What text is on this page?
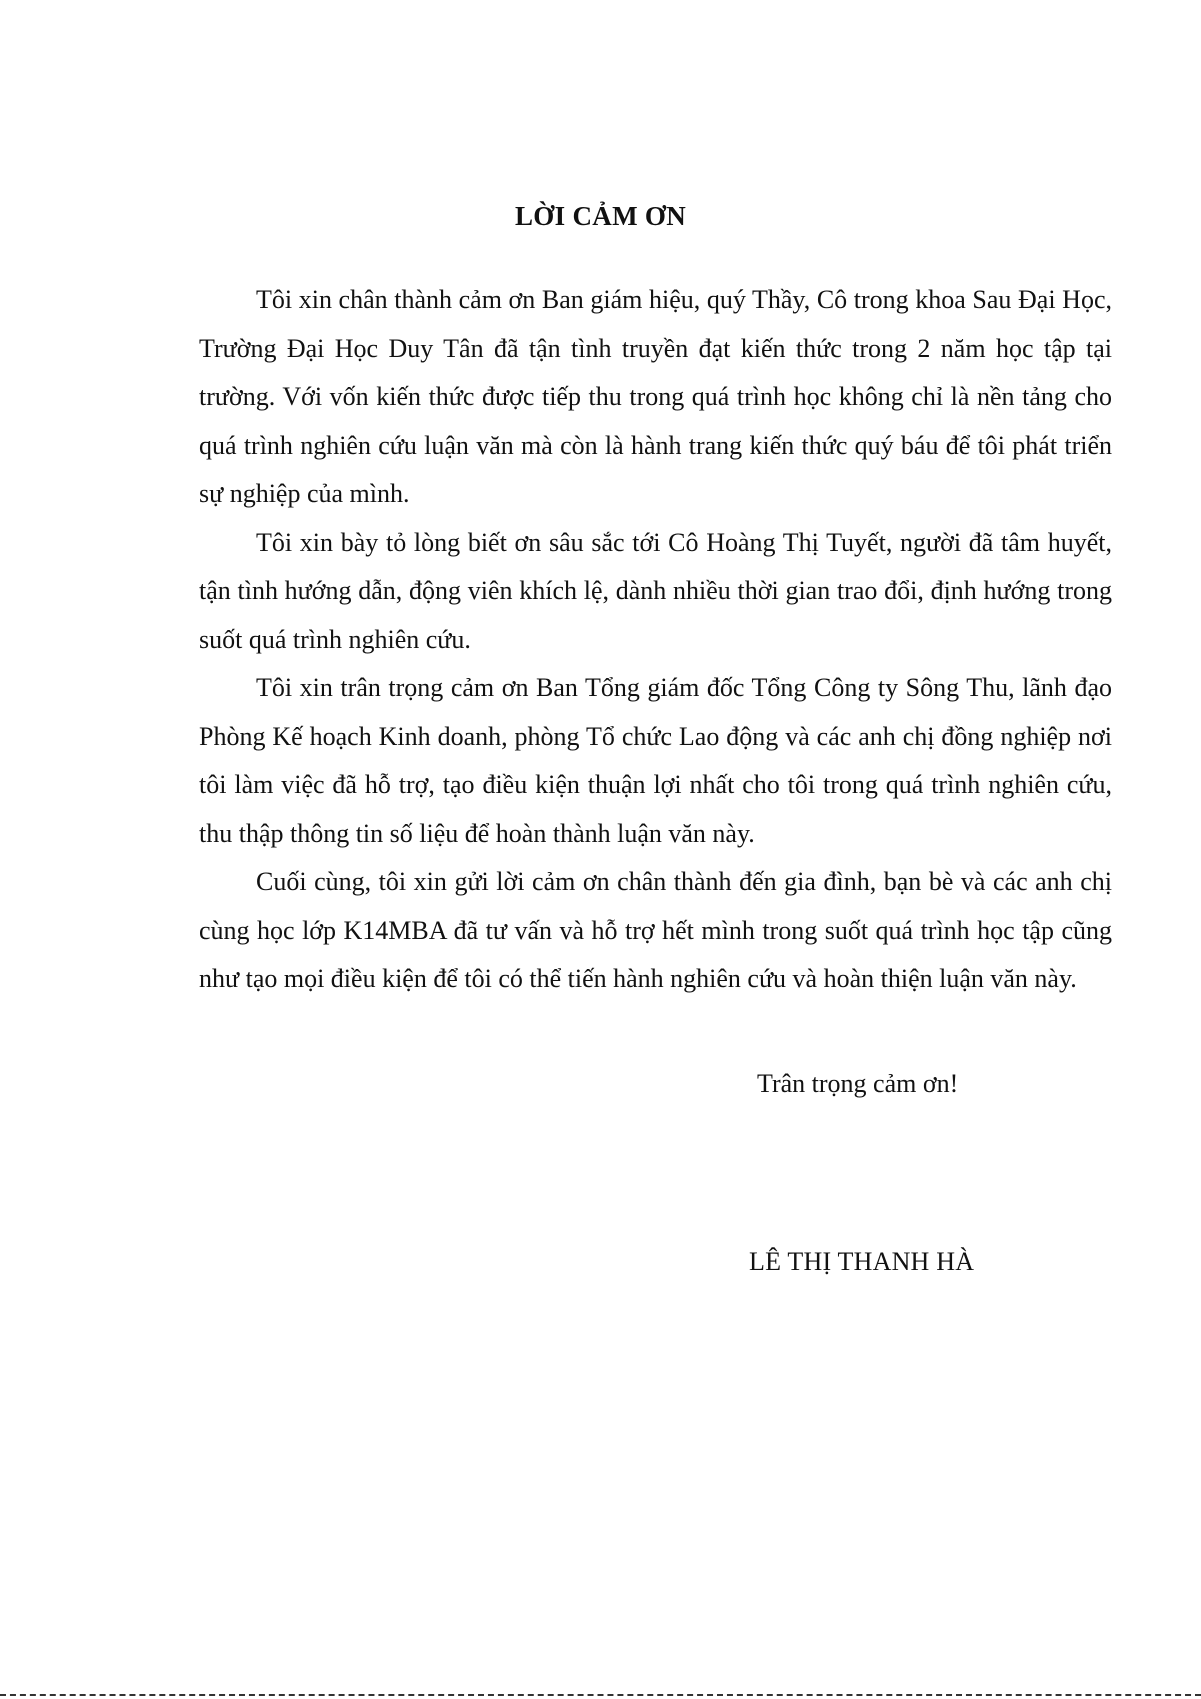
LỜI CẢM ƠN

Tôi xin chân thành cảm ơn Ban giám hiệu, quý Thầy, Cô trong khoa Sau Đại Học, Trường Đại Học Duy Tân đã tận tình truyền đạt kiến thức trong 2 năm học tập tại trường. Với vốn kiến thức được tiếp thu trong quá trình học không chỉ là nền tảng cho quá trình nghiên cứu luận văn mà còn là hành trang kiến thức quý báu để tôi phát triển sự nghiệp của mình.

Tôi xin bày tỏ lòng biết ơn sâu sắc tới Cô Hoàng Thị Tuyết, người đã tâm huyết, tận tình hướng dẫn, động viên khích lệ, dành nhiều thời gian trao đổi, định hướng trong suốt quá trình nghiên cứu.

Tôi xin trân trọng cảm ơn Ban Tổng giám đốc Tổng Công ty Sông Thu, lãnh đạo Phòng Kế hoạch Kinh doanh, phòng Tổ chức Lao động và các anh chị đồng nghiệp nơi tôi làm việc đã hỗ trợ, tạo điều kiện thuận lợi nhất cho tôi trong quá trình nghiên cứu, thu thập thông tin số liệu để hoàn thành luận văn này.

Cuối cùng, tôi xin gửi lời cảm ơn chân thành đến gia đình, bạn bè và các anh chị cùng học lớp K14MBA đã tư vấn và hỗ trợ hết mình trong suốt quá trình học tập cũng như tạo mọi điều kiện để tôi có thể tiến hành nghiên cứu và hoàn thiện luận văn này.

Trân trọng cảm ơn!
LÊ THỊ THANH HÀ
